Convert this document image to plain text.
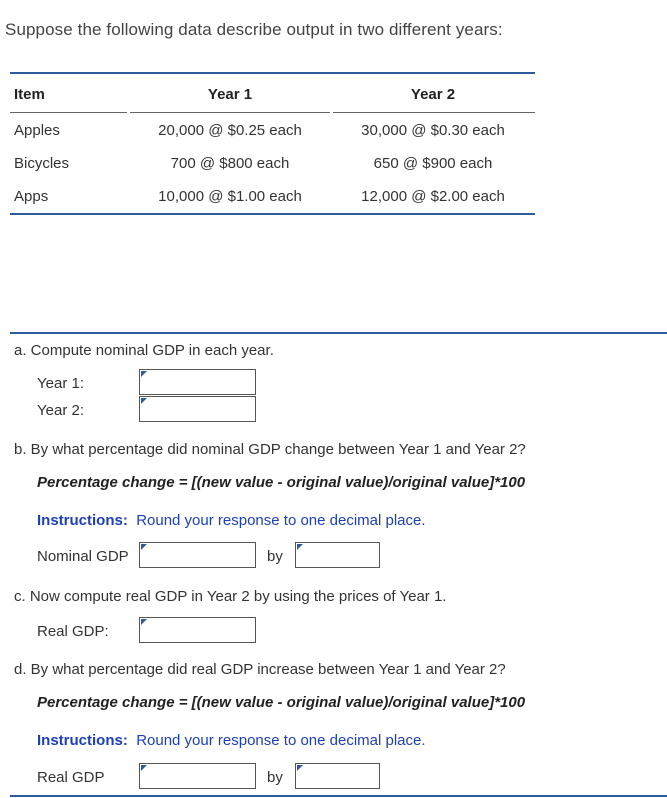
Suppose the following data describe output in two different years:
Item	Year 1	Year 2
Apples	20,000 @ $0.25 each	30,000 @ $0.30 each
Bicycles	700 @ $800 each	650 @ $900 each
Apps	10,000 @ $1.00 each	12,000 @ $2.00 each
a. Compute nominal GDP in each year.
Year 1:
Year 2:
b. By what percentage did nominal GDP change between Year 1 and Year 2?
Percentage change = [(new value - original value)/original value]*100
Instructions: Round your response to one decimal place.
Nominal GDP	by
c. Now compute real GDP in Year 2 by using the prices of Year 1.
Real GDP:
d. By what percentage did real GDP increase between Year 1 and Year 2?
Percentage change = [(new value - original value)/original value]*100
Instructions: Round your response to one decimal place.
Real GDP	by
